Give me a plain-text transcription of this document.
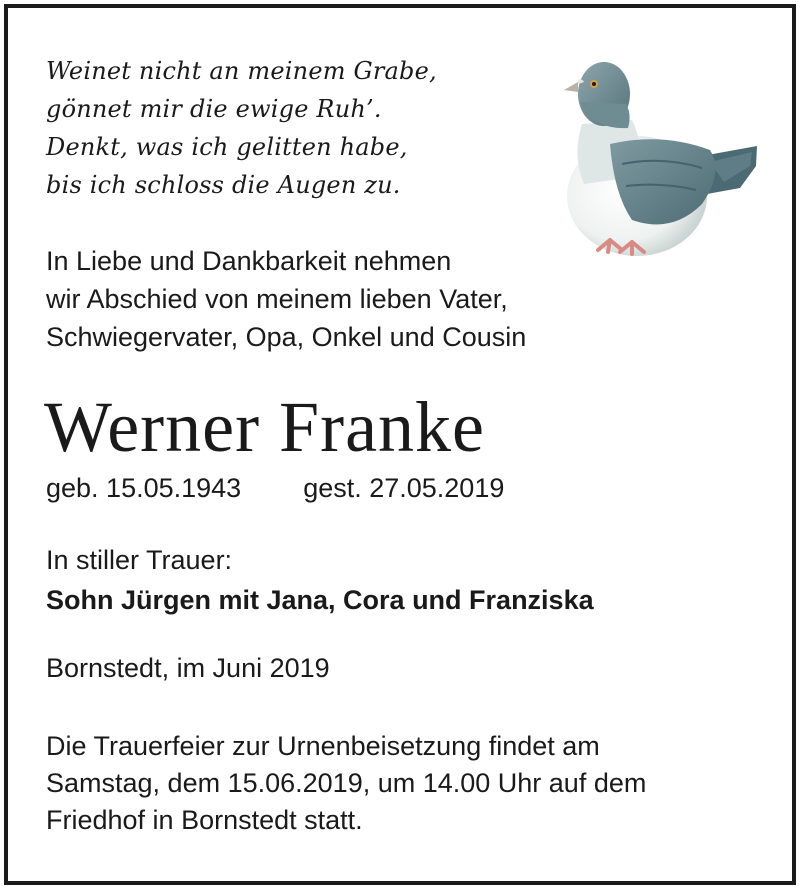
Weinet nicht an meinem Grabe,
gönnet mir die ewige Ruh’.
Denkt, was ich gelitten habe,
bis ich schloss die Augen zu.
In Liebe und Dankbarkeit nehmen
wir Abschied von meinem lieben Vater,
Schwiegervater, Opa, Onkel und Cousin
Werner Franke
geb. 15.05.1943 gest. 27.05.2019
In stiller Trauer:
Sohn Jürgen mit Jana, Cora und Franziska
Bornstedt, im Juni 2019
Die Trauerfeier zur Urnenbeisetzung findet am
Samstag, dem 15.06.2019, um 14.00 Uhr auf dem
Friedhof in Bornstedt statt.
